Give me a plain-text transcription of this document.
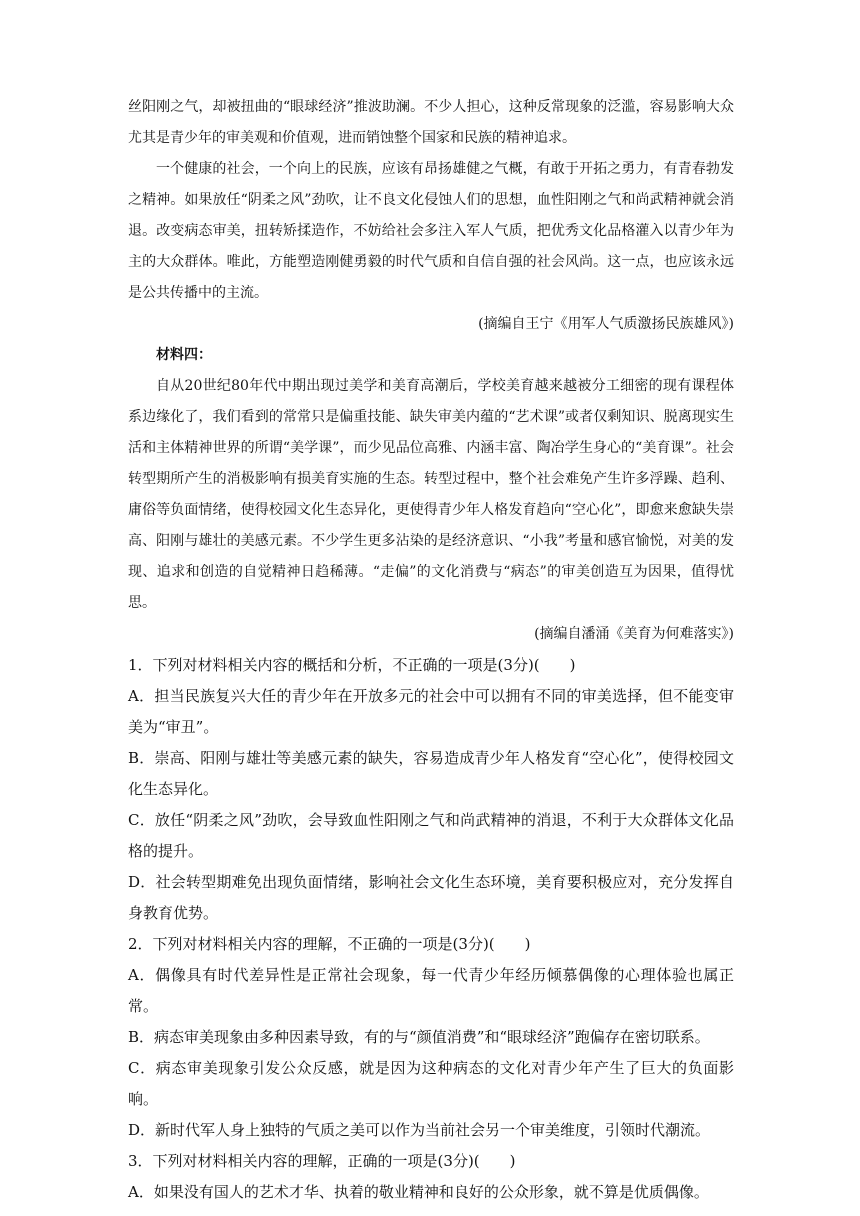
丝阳刚之气，却被扭曲的“眼球经济”推波助澜。不少人担心，这种反常现象的泛滥，容易影响大众尤其是青少年的审美观和价值观，进而销蚀整个国家和民族的精神追求。

一个健康的社会，一个向上的民族，应该有昂扬雄健之气概，有敢于开拓之勇力，有青春勃发之精神。如果放任“阴柔之风”劲吹，让不良文化侵蚀人们的思想，血性阳刚之气和尚武精神就会消退。改变病态审美，扭转矫揉造作，不妨给社会多注入军人气质，把优秀文化品格灌入以青少年为主的大众群体。唯此，方能塑造刚健勇毅的时代气质和自信自强的社会风尚。这一点，也应该永远是公共传播中的主流。

(摘编自王宁《用军人气质激扬民族雄风》)

材料四：

自从20世纪80年代中期出现过美学和美育高潮后，学校美育越来越被分工细密的现有课程体系边缘化了，我们看到的常常只是偏重技能、缺失审美内蕴的“艺术课”或者仅剩知识、脱离现实生活和主体精神世界的所谓“美学课”，而少见品位高雅、内涵丰富、陶冶学生身心的“美育课”。社会转型期所产生的消极影响有损美育实施的生态。转型过程中，整个社会难免产生许多浮躁、趋利、庸俗等负面情绪，使得校园文化生态异化，更使得青少年人格发育趋向“空心化”，即愈来愈缺失崇高、阳刚与雄壮的美感元素。不少学生更多沾染的是经济意识、“小我”考量和感官愉悦，对美的发现、追求和创造的自觉精神日趋稀薄。“走偏”的文化消费与“病态”的审美创造互为因果，值得忧思。

(摘编自潘涌《美育为何难落实》)

1．下列对材料相关内容的概括和分析，不正确的一项是(3分)(　　)

A．担当民族复兴大任的青少年在开放多元的社会中可以拥有不同的审美选择，但不能变审美为“审丑”。

B．崇高、阳刚与雄壮等美感元素的缺失，容易造成青少年人格发育“空心化”，使得校园文化生态异化。

C．放任“阴柔之风”劲吹，会导致血性阳刚之气和尚武精神的消退，不利于大众群体文化品格的提升。

D．社会转型期难免出现负面情绪，影响社会文化生态环境，美育要积极应对，充分发挥自身教育优势。

2．下列对材料相关内容的理解，不正确的一项是(3分)(　　)

A．偶像具有时代差异性是正常社会现象，每一代青少年经历倾慕偶像的心理体验也属正常。

B．病态审美现象由多种因素导致，有的与“颜值消费”和“眼球经济”跑偏存在密切联系。

C．病态审美现象引发公众反感，就是因为这种病态的文化对青少年产生了巨大的负面影响。

D．新时代军人身上独特的气质之美可以作为当前社会另一个审美维度，引领时代潮流。

3．下列对材料相关内容的理解，正确的一项是(3分)(　　)

A．如果没有国人的艺术才华、执着的敬业精神和良好的公众形象，就不算是优质偶像。
